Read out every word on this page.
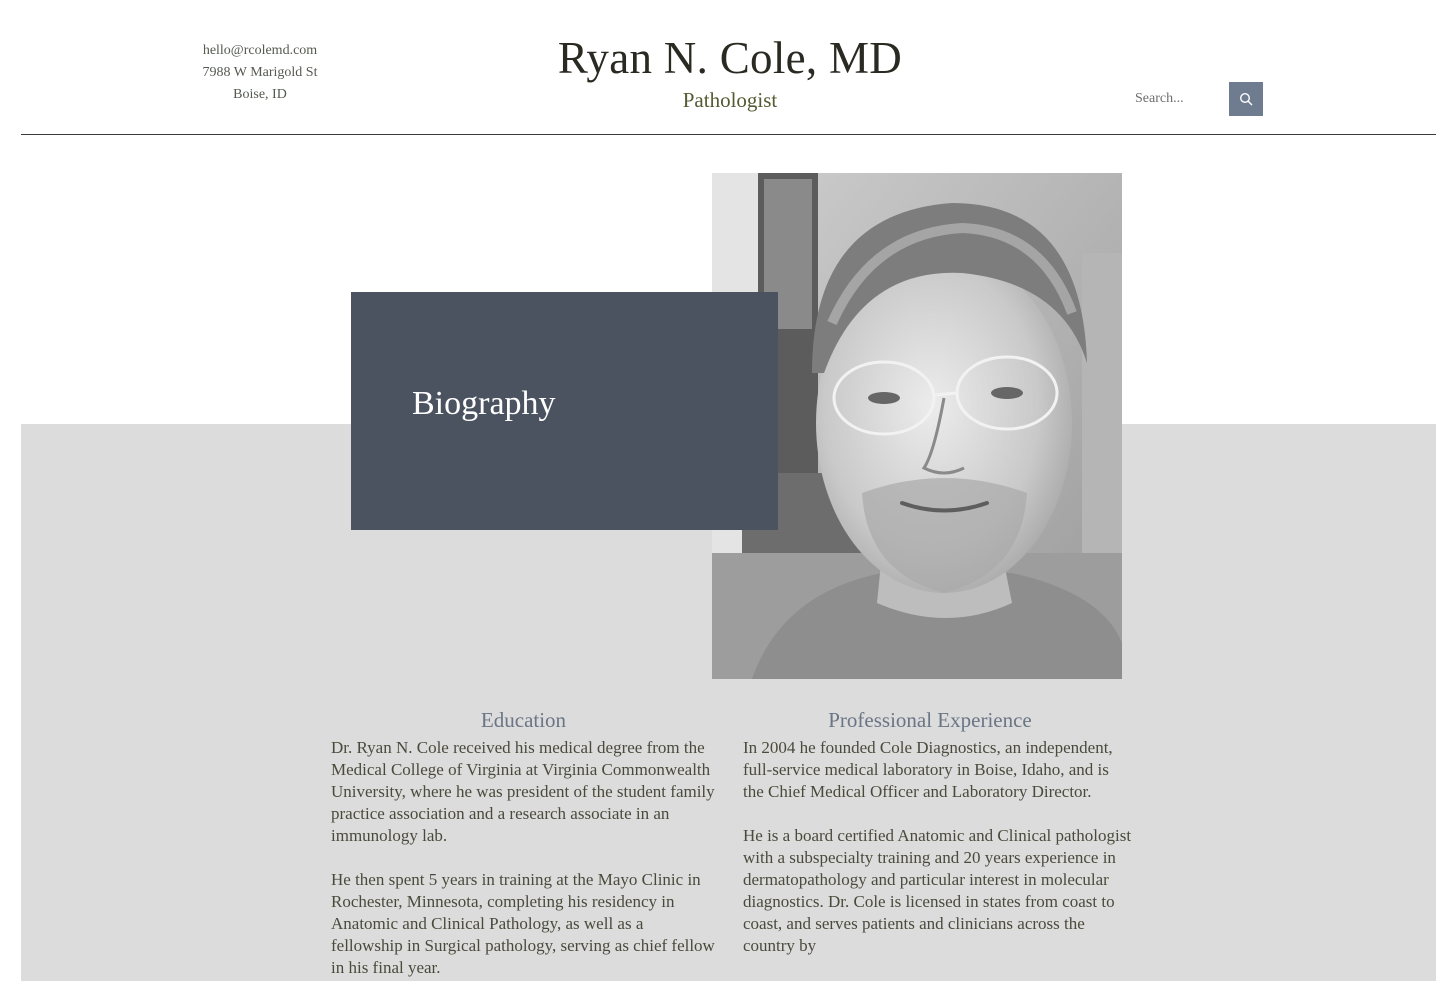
hello@rcolemd.com
7988 W Marigold St
Boise, ID
Ryan N. Cole, MD
Pathologist
Search...
Biography
Education

Dr. Ryan N. Cole received his medical degree from the Medical College of Virginia at Virginia Commonwealth University, where he was president of the student family practice association and a research associate in an immunology lab.

He then spent 5 years in training at the Mayo Clinic in Rochester, Minnesota, completing his residency in Anatomic and Clinical Pathology, as well as a fellowship in Surgical pathology, serving as chief fellow in his final year.

Professional Experience

In 2004 he founded Cole Diagnostics, an independent, full-service medical laboratory in Boise, Idaho, and is the Chief Medical Officer and Laboratory Director.

He is a board certified Anatomic and Clinical pathologist with a subspecialty training and 20 years experience in dermatopathology and particular interest in molecular diagnostics. Dr. Cole is licensed in states from coast to coast, and serves patients and clinicians across the country by
